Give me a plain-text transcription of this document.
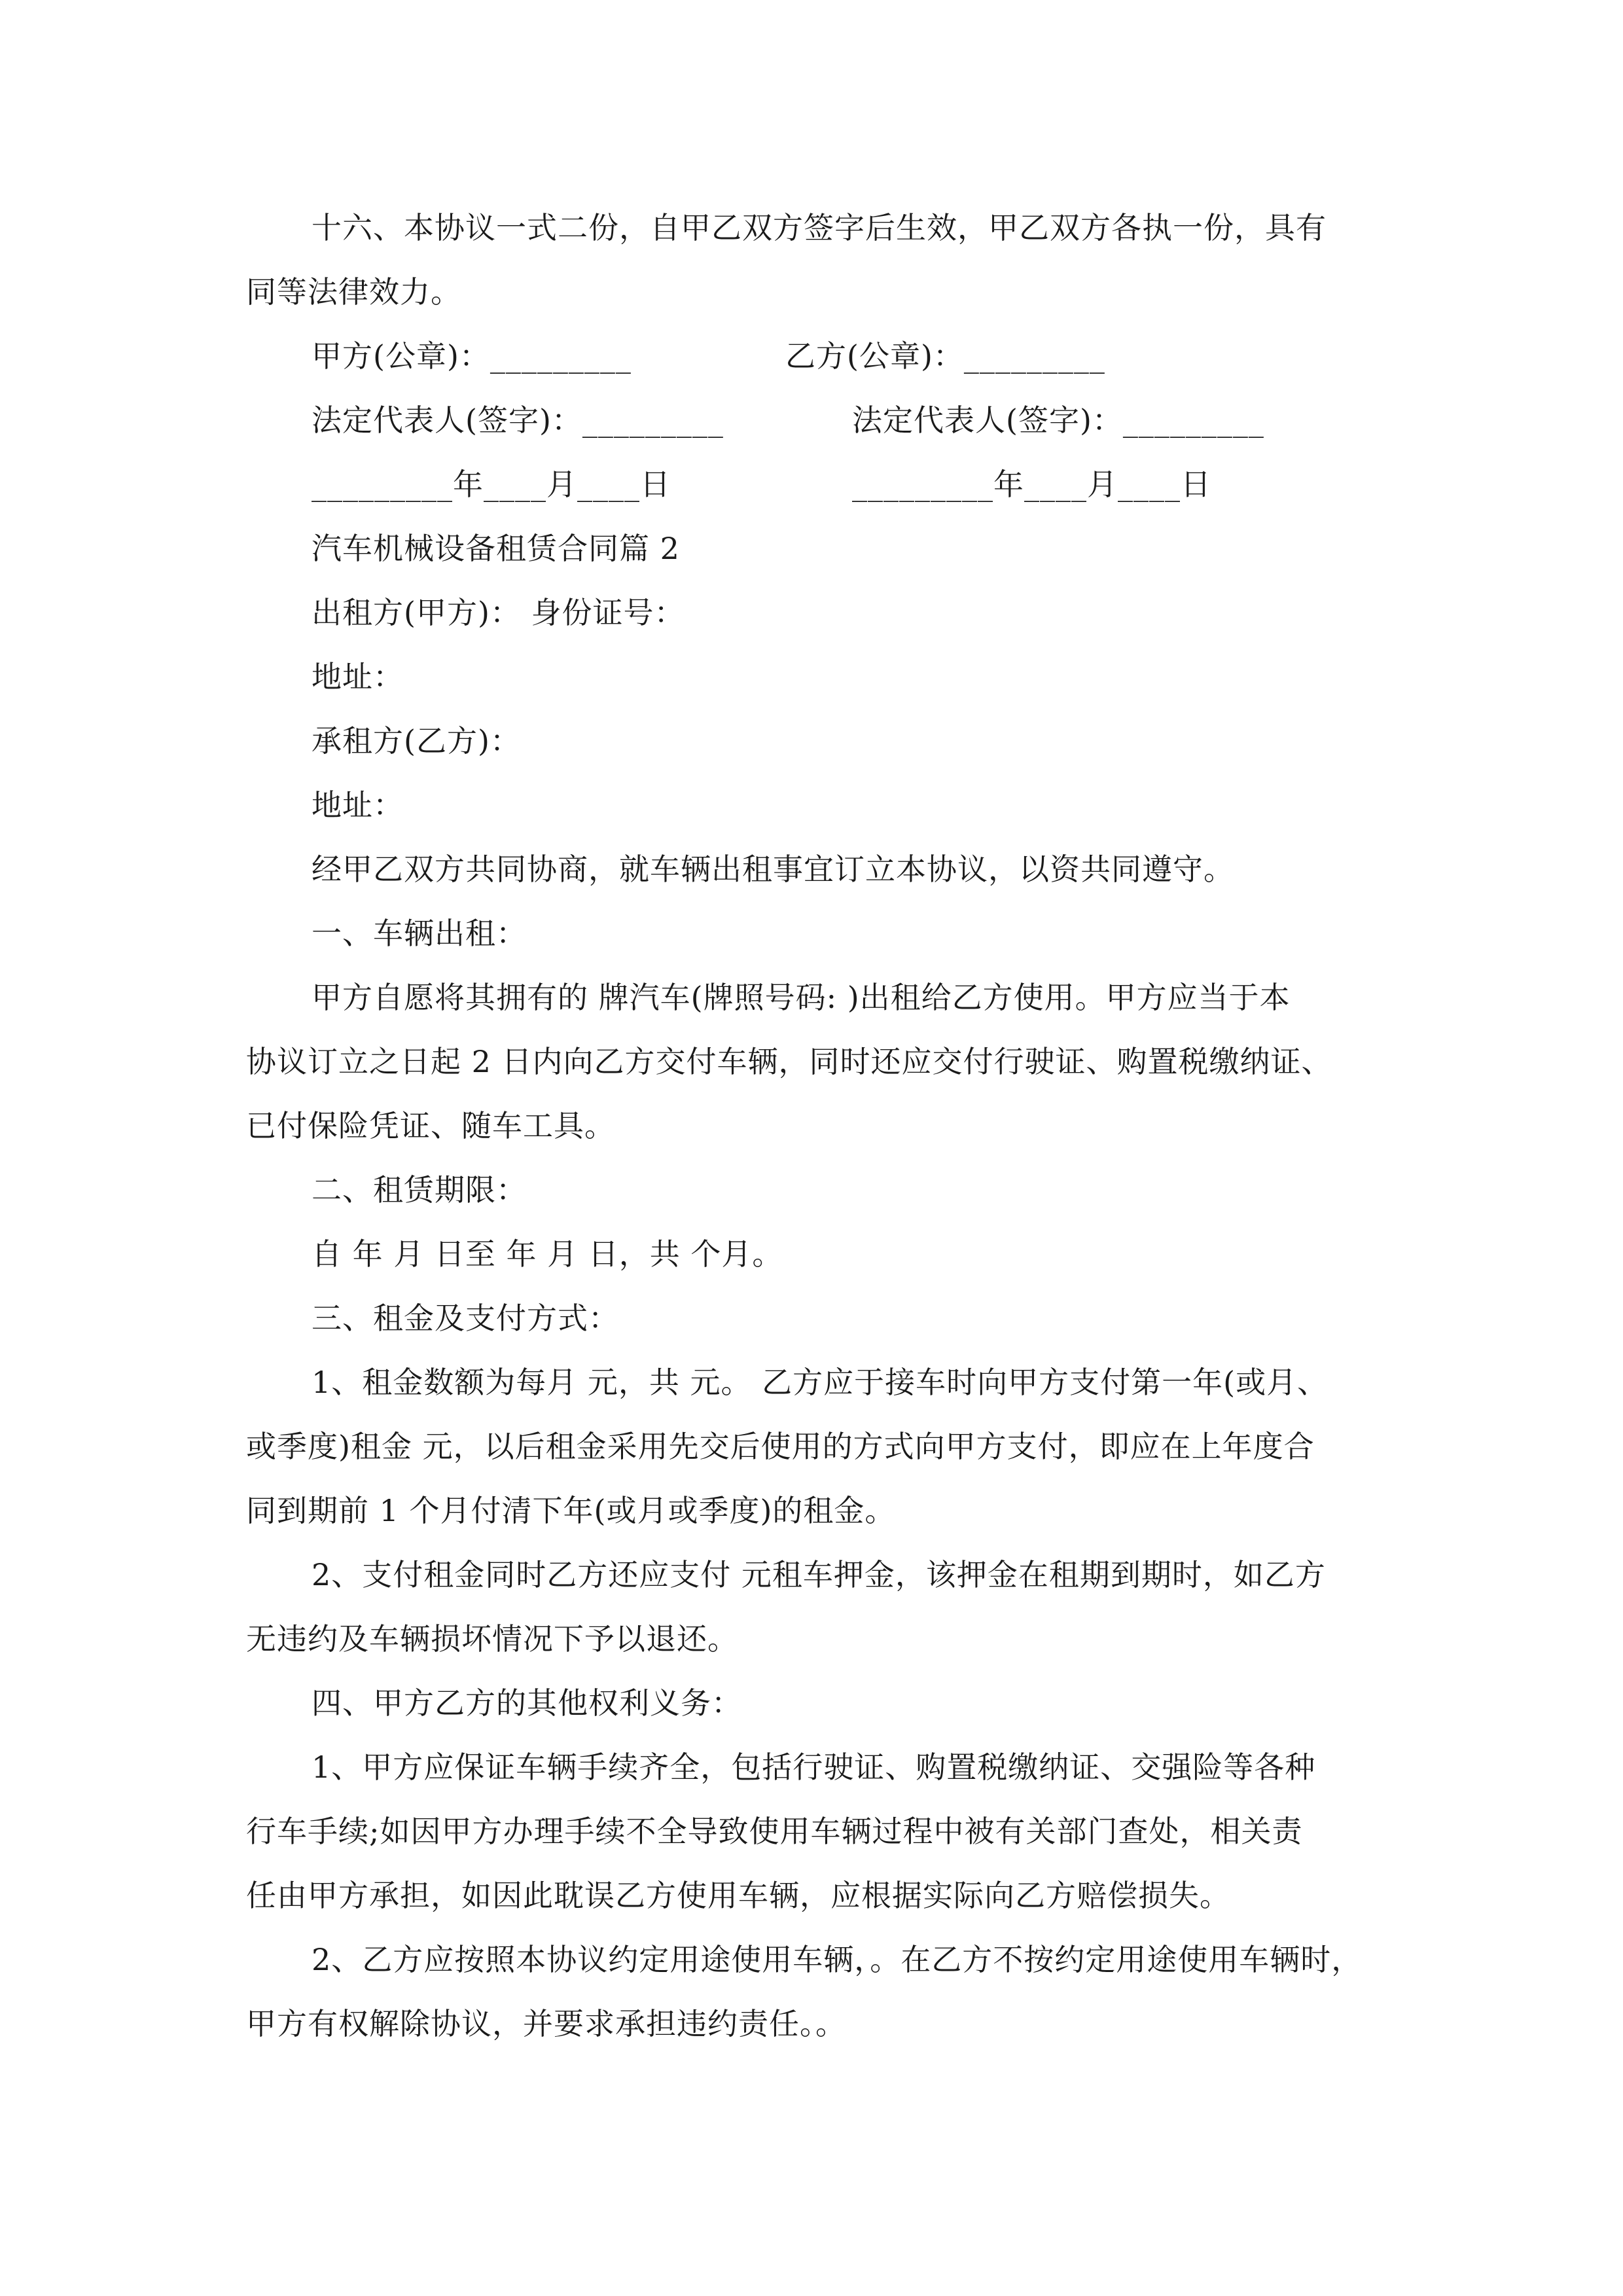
十六、本协议一式二份，自甲乙双方签字后生效，甲乙双方各执一份，具有
同等法律效力。
甲方(公章)：_________	乙方(公章)：_________
法定代表人(签字)：_________	法定代表人(签字)：_________
_________年____月____日	_________年____月____日
汽车机械设备租赁合同篇 2
出租方(甲方)： 身份证号：
地址：
承租方(乙方)：
地址：
经甲乙双方共同协商，就车辆出租事宜订立本协议，以资共同遵守。
一、车辆出租：
甲方自愿将其拥有的 牌汽车(牌照号码: )出租给乙方使用。甲方应当于本
协议订立之日起 2 日内向乙方交付车辆，同时还应交付行驶证、购置税缴纳证、
已付保险凭证、随车工具。
二、租赁期限：
自 年 月 日至 年 月 日，共 个月。
三、租金及支付方式：
1、租金数额为每月 元，共 元。 乙方应于接车时向甲方支付第一年(或月、
或季度)租金 元，以后租金采用先交后使用的方式向甲方支付，即应在上年度合
同到期前 1 个月付清下年(或月或季度)的租金。
2、支付租金同时乙方还应支付 元租车押金，该押金在租期到期时，如乙方
无违约及车辆损坏情况下予以退还。
四、甲方乙方的其他权利义务：
1、甲方应保证车辆手续齐全，包括行驶证、购置税缴纳证、交强险等各种
行车手续;如因甲方办理手续不全导致使用车辆过程中被有关部门查处，相关责
任由甲方承担，如因此耽误乙方使用车辆，应根据实际向乙方赔偿损失。
2、乙方应按照本协议约定用途使用车辆，。在乙方不按约定用途使用车辆时，
甲方有权解除协议，并要求承担违约责任。。
